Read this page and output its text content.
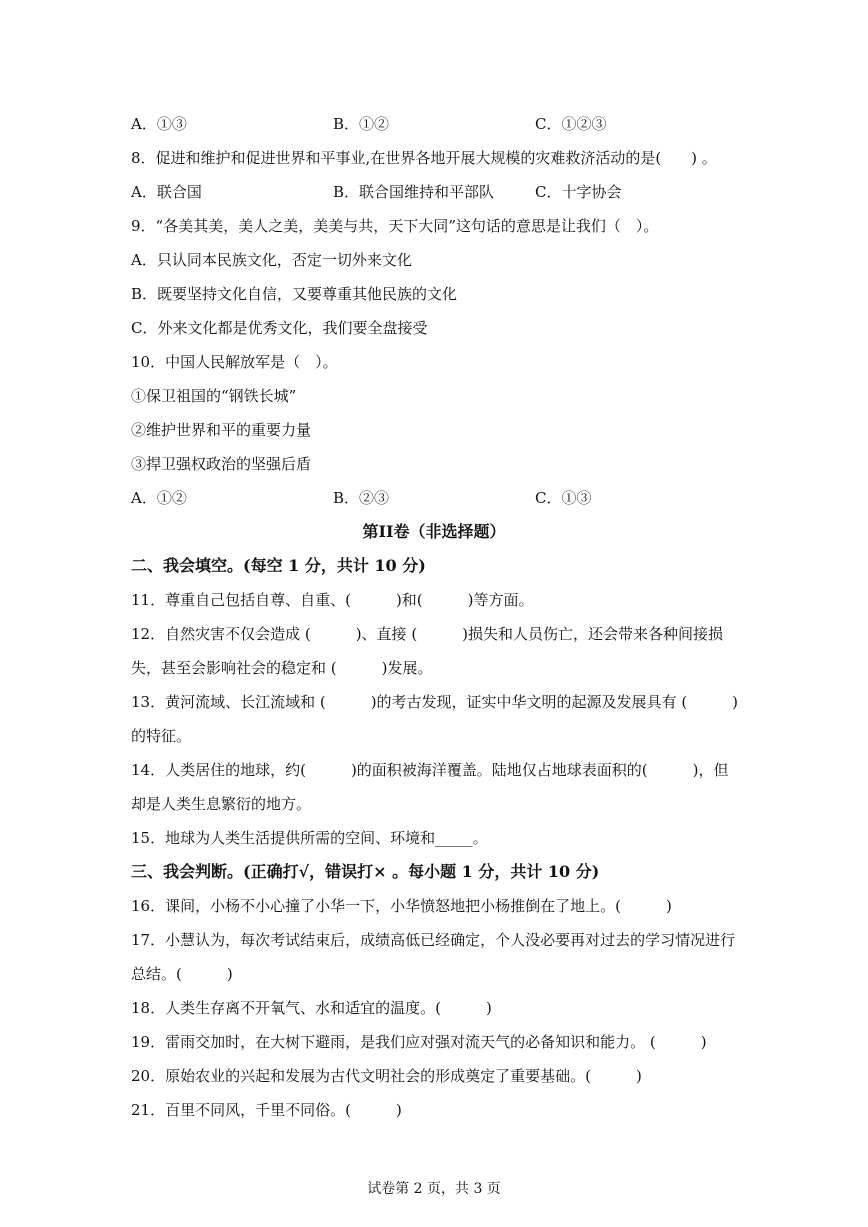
A．①③	B．①②	C．①②③
8．促进和维护和促进世界和平事业,在世界各地开展大规模的灾难救济活动的是(　　) 。
A．联合国	B．联合国维持和平部队	C．十字协会
9．“各美其美，美人之美，美美与共，天下大同”这句话的意思是让我们（　）。
A．只认同本民族文化，否定一切外来文化
B．既要坚持文化自信，又要尊重其他民族的文化
C．外来文化都是优秀文化，我们要全盘接受
10．中国人民解放军是（　）。
①保卫祖国的“钢铁长城”
②维护世界和平的重要力量
③捍卫强权政治的坚强后盾
A．①②	B．②③	C．①③
第II卷（非选择题）
二、我会填空。(每空 1 分，共计 10 分)
11．尊重自己包括自尊、自重、(　　　)和(　　　)等方面。
12．自然灾害不仅会造成 (　　　)、直接 (　　　)损失和人员伤亡，还会带来各种间接损
失，甚至会影响社会的稳定和 (　　　)发展。
13．黄河流域、长江流域和 (　　　)的考古发现，证实中华文明的起源及发展具有 (　　　)
的特征。
14．人类居住的地球，约(　　　)的面积被海洋覆盖。陆地仅占地球表面积的(　　　)，但
却是人类生息繁衍的地方。
15．地球为人类生活提供所需的空间、环境和_____。
三、我会判断。(正确打√，错误打× 。每小题 1 分，共计 10 分)
16．课间，小杨不小心撞了小华一下，小华愤怒地把小杨推倒在了地上。(　　　)
17．小慧认为，每次考试结束后，成绩高低已经确定，个人没必要再对过去的学习情况进行
总结。(　　　)
18．人类生存离不开氧气、水和适宜的温度。(　　　)
19．雷雨交加时，在大树下避雨，是我们应对强对流天气的必备知识和能力。 (　　　)
20．原始农业的兴起和发展为古代文明社会的形成奠定了重要基础。(　　　)
21．百里不同风，千里不同俗。(　　　)
试卷第 2 页，共 3 页
